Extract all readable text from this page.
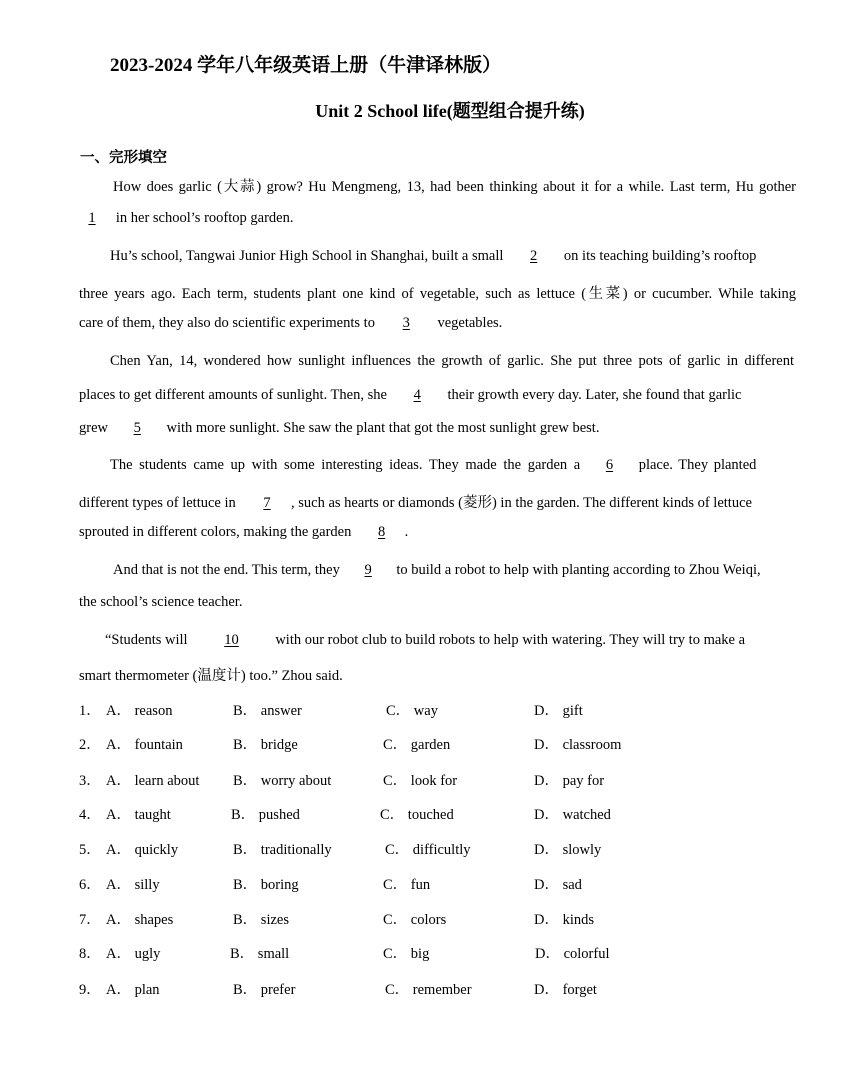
2023-2024 学年八年级英语上册（牛津译林版）
Unit 2 School life(题型组合提升练)
一、完形填空
How does garlic (大蒜) grow? Hu Mengmeng, 13, had been thinking about it for a while. Last term, Hu gother
1 in her school’s rooftop garden.
Hu’s school, Tangwai Junior High School in Shanghai, built a small 2 on its teaching building’s rooftop
three years ago. Each term, students plant one kind of vegetable, such as lettuce (生菜) or cucumber. While taking
care of them, they also do scientific experiments to 3 vegetables.
Chen Yan, 14, wondered how sunlight influences the growth of garlic. She put three pots of garlic in different
places to get different amounts of sunlight. Then, she 4 their growth every day. Later, she found that garlic
grew 5 with more sunlight. She saw the plant that got the most sunlight grew best.
The students came up with some interesting ideas. They made the garden a 6 place. They planted
different types of lettuce in 7 , such as hearts or diamonds (菱形) in the garden. The different kinds of lettuce
sprouted in different colors, making the garden 8 .
And that is not the end. This term, they 9 to build a robot to help with planting according to Zhou Weiqi,
the school’s science teacher.
“Students will	10	with our robot club to build robots to help with watering. They will try to make a
smart thermometer (温度计) too.” Zhou said.
1． A． reason	B． answer	C． way	D． gift
2． A． fountain	B． bridge	C． garden	D． classroom
3． A． learn about B． worry about	C． look for	D． pay for
4． A． taught	B． pushed	C． touched	D． watched
5． A． quickly	B． traditionally	C． difficultly	D． slowly
6． A． silly	B． boring	C． fun	D． sad
7． A． shapes	B． sizes	C． colors	D． kinds
8． A． ugly	B． small	C． big	D． colorful
9． A． plan	B． prefer	C． remember	D． forget
